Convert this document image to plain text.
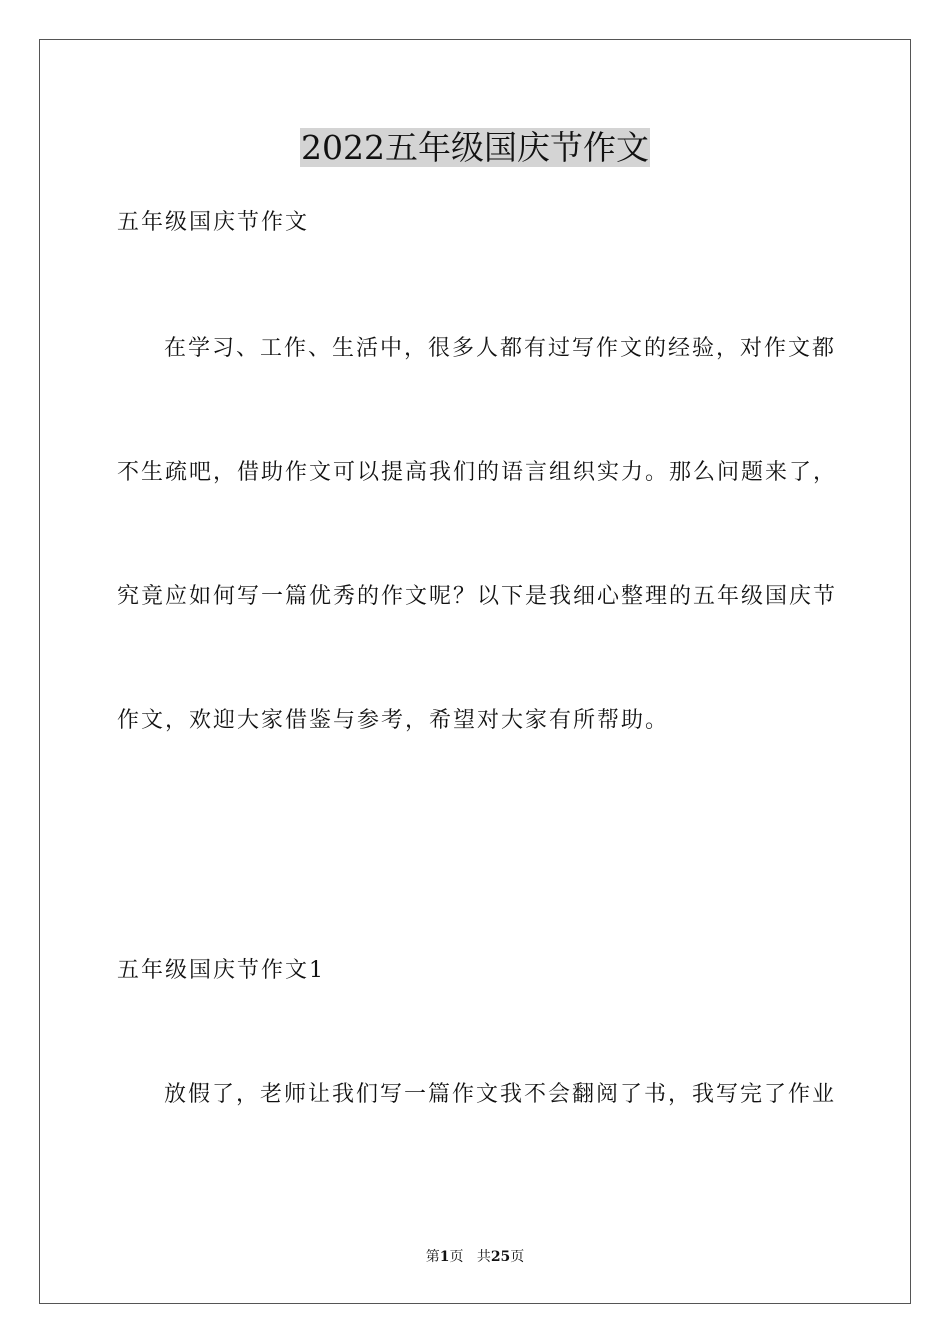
2022五年级国庆节作文
五年级国庆节作文
在学习、工作、生活中，很多人都有过写作文的经验，对作文都
不生疏吧，借助作文可以提高我们的语言组织实力。那么问题来了，
究竟应如何写一篇优秀的作文呢？以下是我细心整理的五年级国庆节
作文，欢迎大家借鉴与参考，希望对大家有所帮助。
五年级国庆节作文1
放假了，老师让我们写一篇作文我不会翻阅了书，我写完了作业
第1页 共25页
